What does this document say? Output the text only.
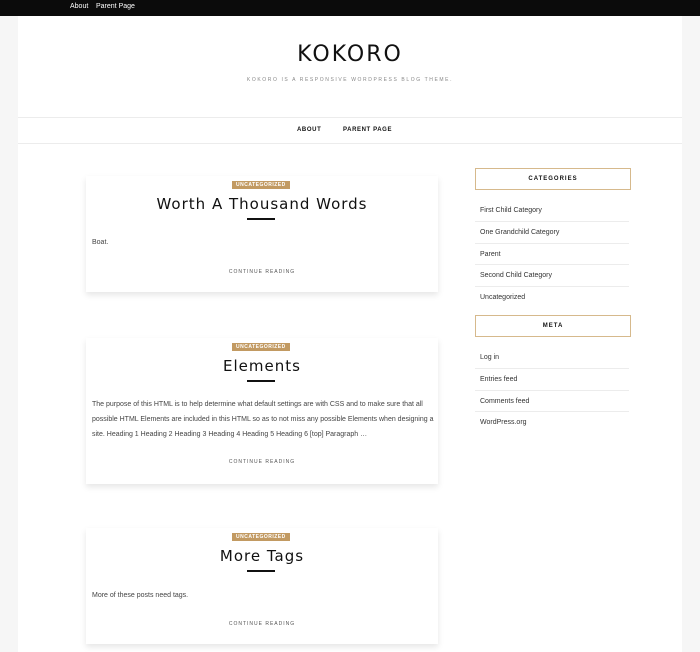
About Parent Page
KOKORO
KOKORO IS A RESPONSIVE WORDPRESS BLOG THEME.
ABOUT	PARENT PAGE
UNCATEGORIZED
Worth A Thousand Words

Boat.

CONTINUE READING
UNCATEGORIZED
Elements

The purpose of this HTML is to help determine what default settings are with CSS and to make sure that all possible HTML Elements are included in this HTML so as to not miss any possible Elements when designing a site. Heading 1 Heading 2 Heading 3 Heading 4 Heading 5 Heading 6 [top] Paragraph …

CONTINUE READING
UNCATEGORIZED
More Tags

More of these posts need tags.

CONTINUE READING
CATEGORIES
First Child Category
One Grandchild Category
Parent
Second Child Category
Uncategorized
META
Log in
Entries feed
Comments feed
WordPress.org
